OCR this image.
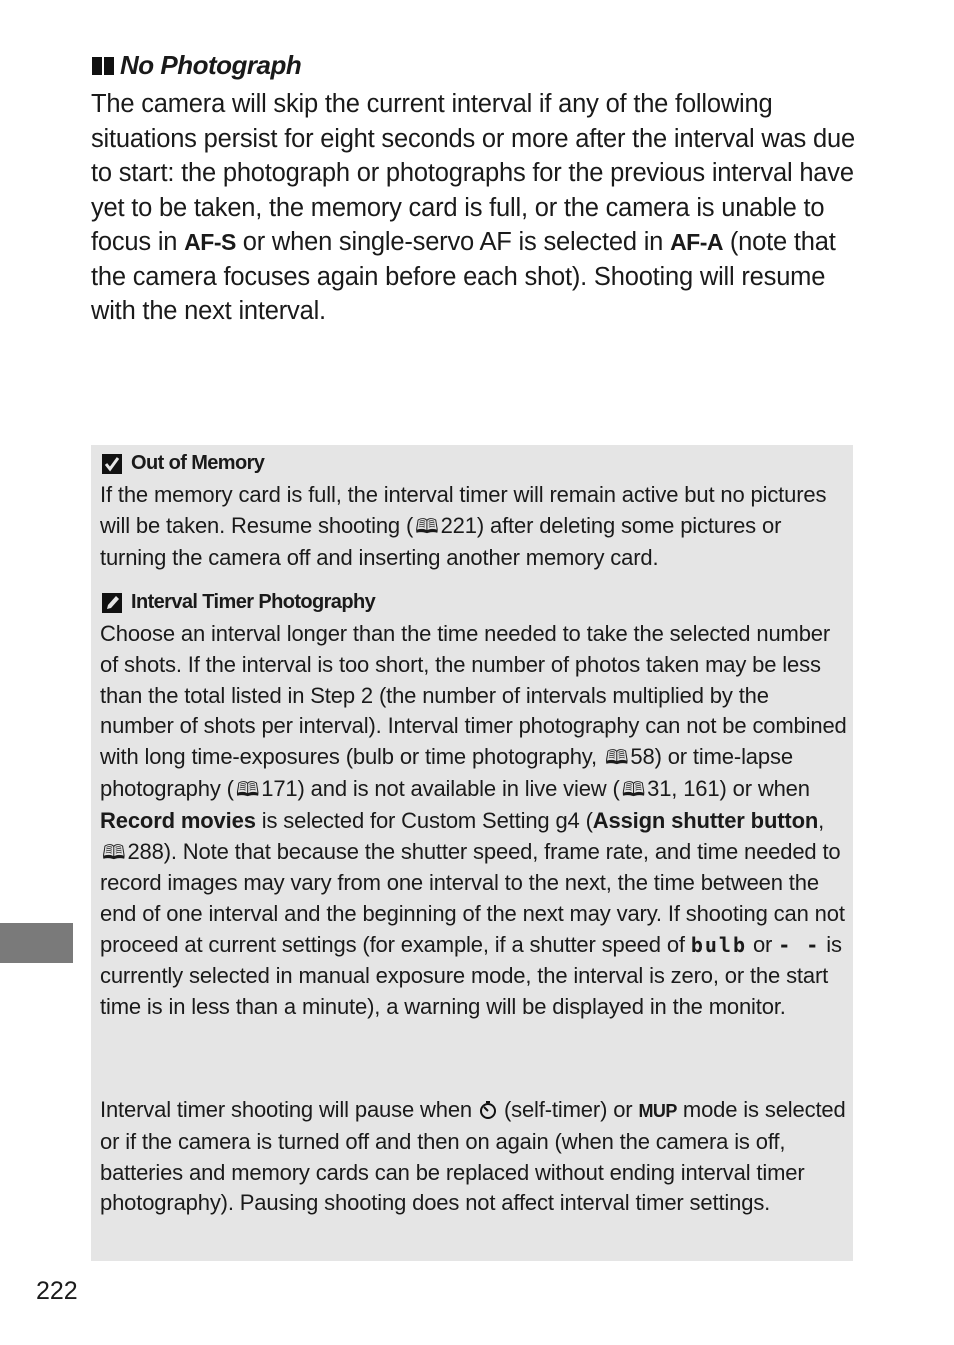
No Photograph

The camera will skip the current interval if any of the following situations persist for eight seconds or more after the interval was due to start: the photograph or photographs for the previous interval have yet to be taken, the memory card is full, or the camera is unable to focus in AF-S or when single-servo AF is selected in AF-A (note that the camera focuses again before each shot). Shooting will resume with the next interval.

Out of Memory

If the memory card is full, the interval timer will remain active but no pictures will be taken. Resume shooting ( 🕮221) after deleting some pictures or turning the camera off and inserting another memory card.

Interval Timer Photography

Choose an interval longer than the time needed to take the selected number of shots. If the interval is too short, the number of photos taken may be less than the total listed in Step 2 (the number of intervals multiplied by the number of shots per interval). Interval timer photography can not be combined with long time-exposures (bulb or time photography, 🕮58) or time-lapse photography ( 🕮171) and is not available in live view ( 🕮31, 161) or when Record movies is selected for Custom Setting g4 (Assign shutter button, 🕮288). Note that because the shutter speed, frame rate, and time needed to record images may vary from one interval to the next, the time between the end of one interval and the beginning of the next may vary. If shooting can not proceed at current settings (for example, if a shutter speed of bulb or - - is currently selected in manual exposure mode, the interval is zero, or the start time is in less than a minute), a warning will be displayed in the monitor.

Interval timer shooting will pause when  (self-timer) or MUP mode is selected or if the camera is turned off and then on again (when the camera is off, batteries and memory cards can be replaced without ending interval timer photography). Pausing shooting does not affect interval timer settings.

222
